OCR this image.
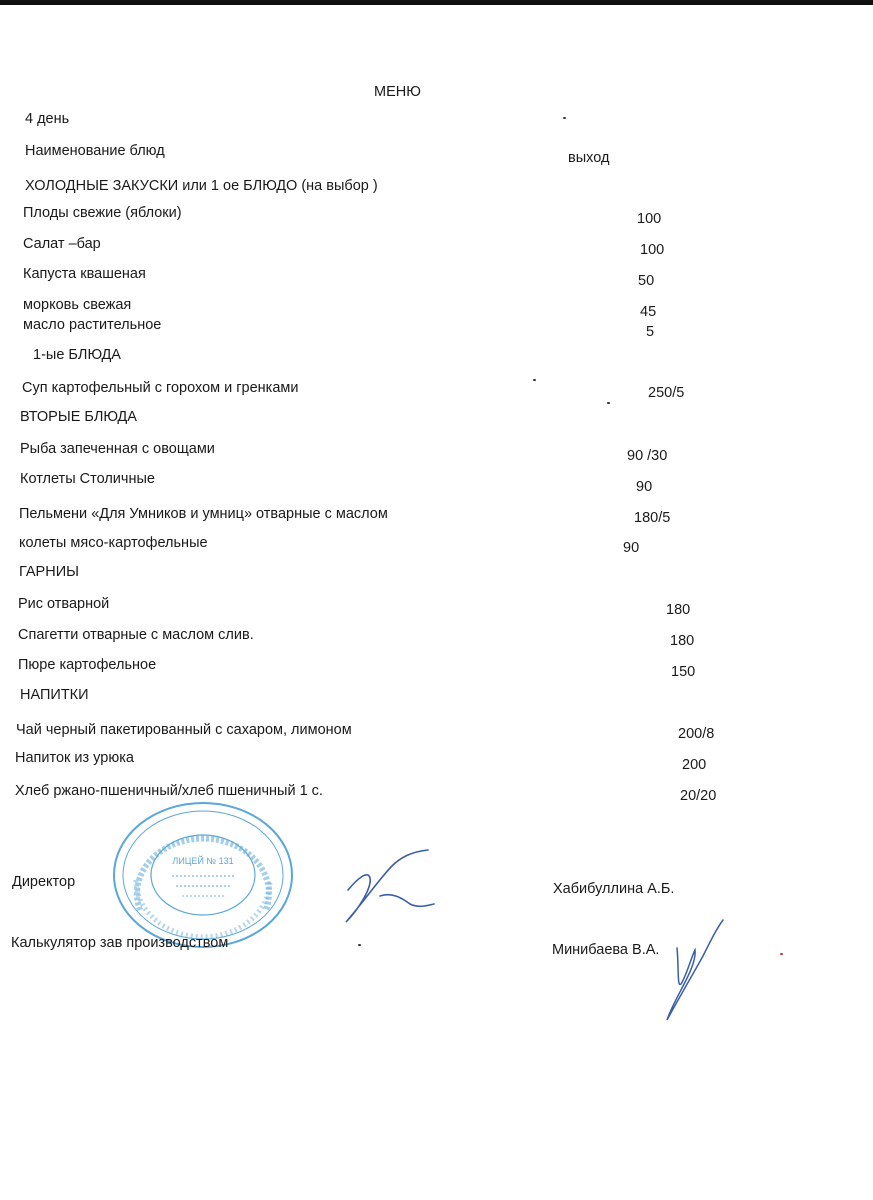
МЕНЮ
4 день
Наименование блюд	выход
ХОЛОДНЫЕ ЗАКУСКИ или 1 ое БЛЮДО (на выбор )
Плоды свежие (яблоки)	100
Салат –бар	100
Капуста квашеная	50
морковь свежая	45
масло растительное	5
1-ые БЛЮДА
Суп картофельный с горохом и гренками	250/5
ВТОРЫЕ БЛЮДА
Рыба запеченная с овощами	90 /30
Котлеты Столичные	90
Пельмени «Для Умников и умниц» отварные с маслом	180/5
колеты мясо-картофельные	90
ГАРНИЫ
Рис отварной	180
Спагетти отварные с маслом слив.	180
Пюре картофельное	150
НАПИТКИ
Чай черный пакетированный с сахаром, лимоном	200/8
Напиток из урюка	200
Хлеб ржано-пшеничный/хлеб пшеничный 1 с.	20/20
ЛИЦЕЙ № 131
Директор	Хабибуллина А.Б.
Калькулятор зав производством	Минибаева В.А.
